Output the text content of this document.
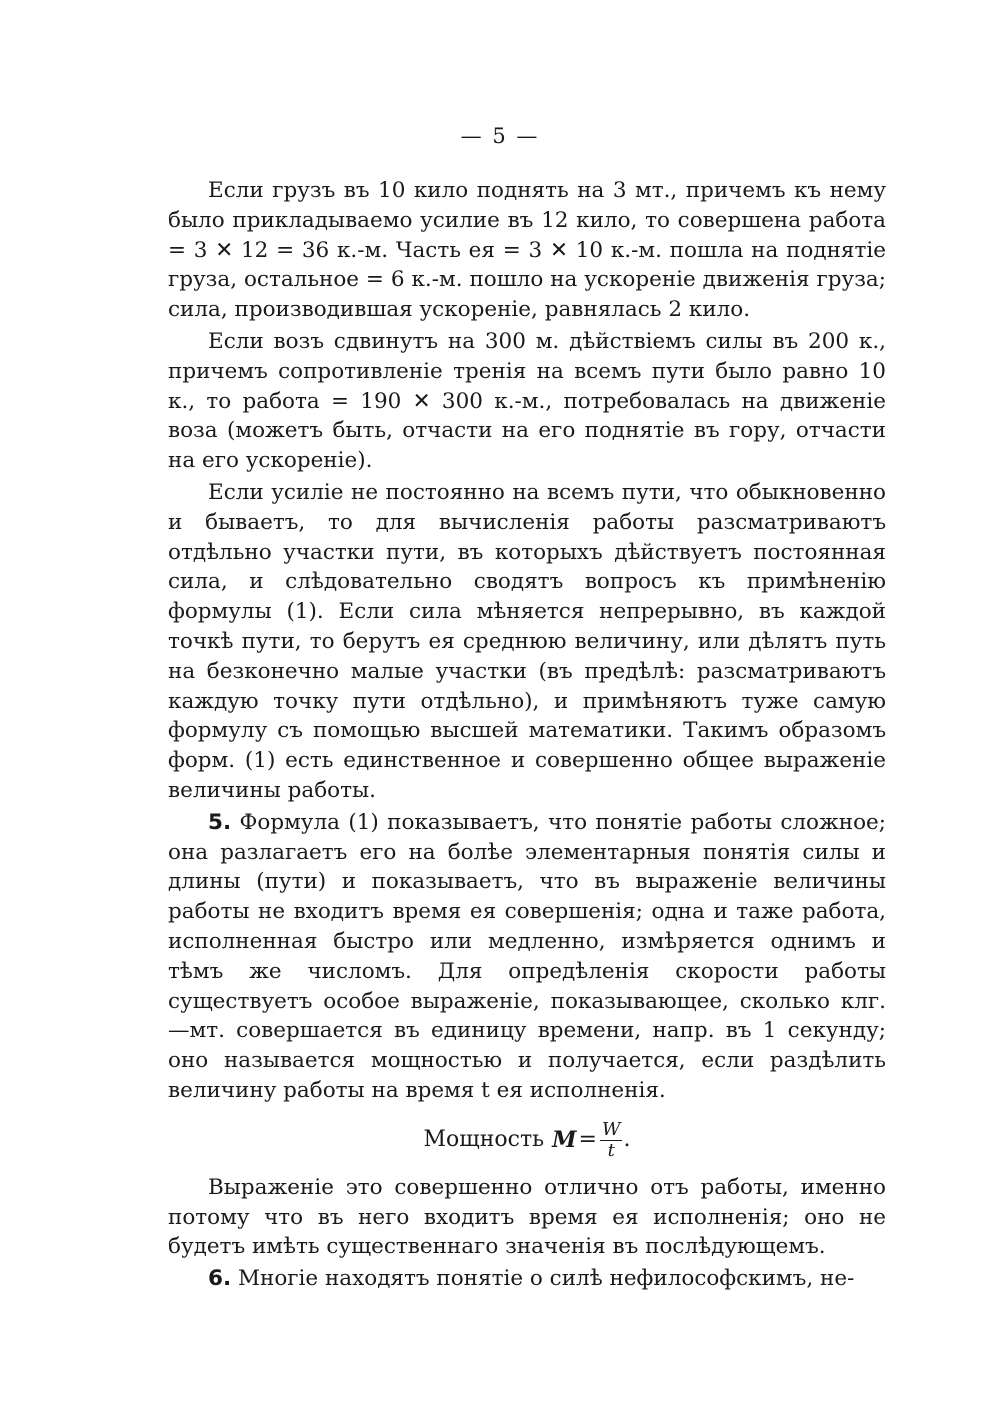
— 5 —

Если грузъ въ 10 кило поднять на 3 мт., причемъ къ нему было прикладываемо усилие въ 12 кило, то совершена работа = 3 ✕ 12 = 36 к.-м. Часть ея = 3 ✕ 10 к.-м. пошла на поднятіе груза, остальное = 6 к.-м. пошло на ускореніе движенія груза; сила, производившая ускореніе, равнялась 2 кило.

Если возъ сдвинутъ на 300 м. дѣйствіемъ силы въ 200 к., причемъ сопротивленіе тренія на всемъ пути было равно 10 к., то работа = 190 ✕ 300 к.-м., потребовалась на движеніе воза (можетъ быть, отчасти на его поднятіе въ гору, отчасти на его ускореніе).

Если усиліе не постоянно на всемъ пути, что обыкновенно и бываетъ, то для вычисленія работы разсматриваютъ отдѣльно участки пути, въ которыхъ дѣйствуетъ постоянная сила, и слѣдовательно сводятъ вопросъ къ примѣненію формулы (1). Если сила мѣняется непрерывно, въ каждой точкѣ пути, то берутъ ея среднюю величину, или дѣлятъ путь на безконечно малые участки (въ предѣлѣ: разсматриваютъ каждую точку пути отдѣльно), и примѣняютъ туже самую формулу съ помощью высшей математики. Такимъ образомъ форм. (1) есть единственное и совершенно общее выраженіе величины работы.

5. Формула (1) показываетъ, что понятіе работы сложное; она разлагаетъ его на болѣе элементарныя понятія силы и длины (пути) и показываетъ, что въ выраженіе величины работы не входитъ время ея совершенія; одна и таже работа, исполненная быстро или медленно, измѣряется однимъ и тѣмъ же числомъ. Для опредѣленія скорости работы существуетъ особое выраженіе, показывающее, сколько клг.—мт. совершается въ единицу времени, напр. въ 1 секунду; оно называется мощностью и получается, если раздѣлить величину работы на время t ея исполненія.

Мощность $M = \frac{W}{t}$ .

Выраженіе это совершенно отлично отъ работы, именно потому что въ него входитъ время ея исполненія; оно не будетъ имѣть существеннаго значенія въ послѣдующемъ.

6. Многіе находятъ понятіе о силѣ нефилософскимъ, не-
